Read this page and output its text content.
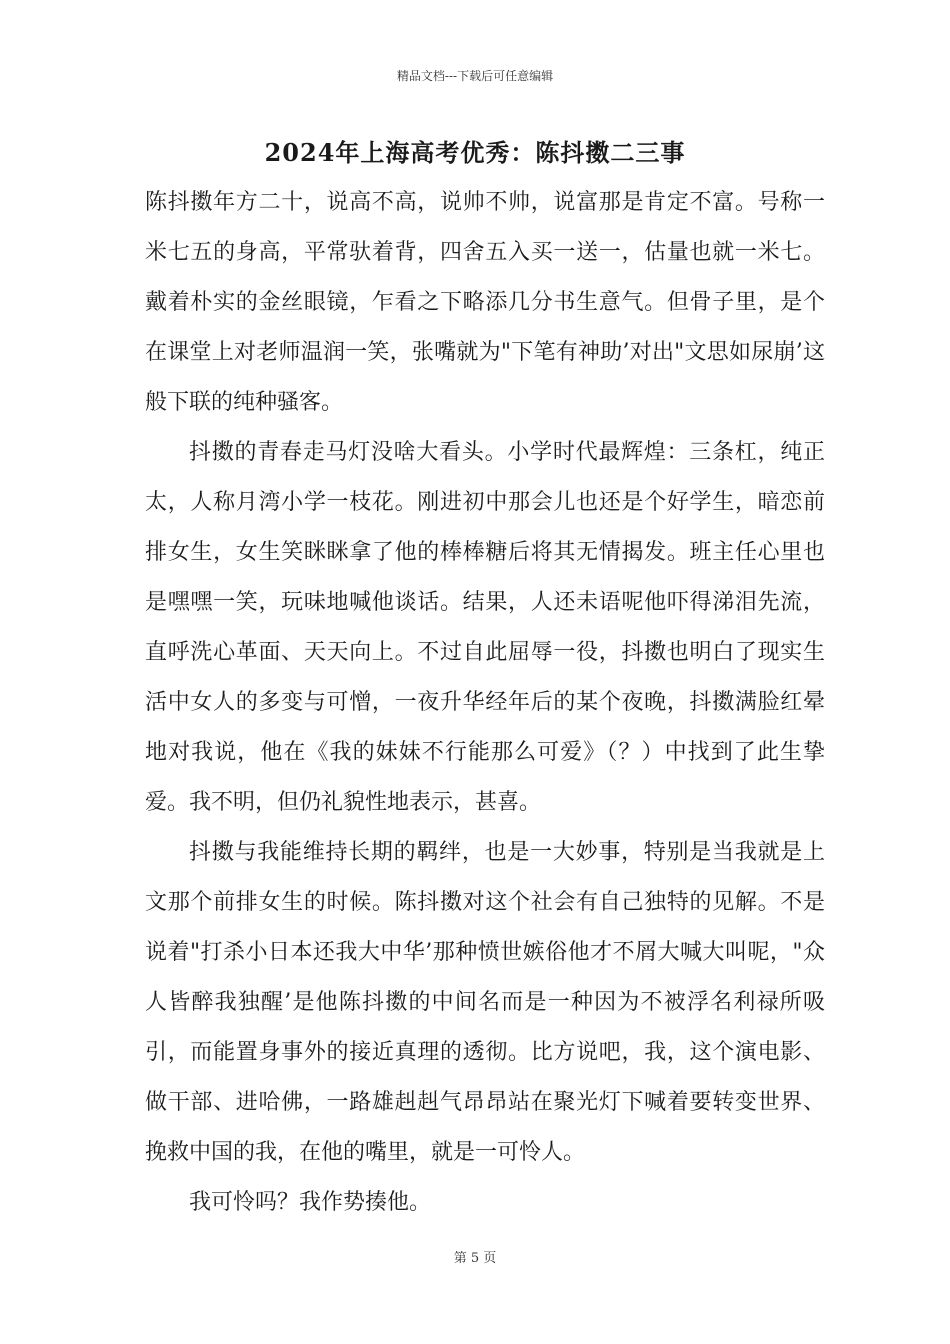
精品文档---下载后可任意编辑
2024年上海高考优秀：陈抖擞二三事

陈抖擞年方二十，说高不高，说帅不帅，说富那是肯定不富。号称一米七五的身高，平常驮着背，四舍五入买一送一，估量也就一米七。戴着朴实的金丝眼镜，乍看之下略添几分书生意气。但骨子里，是个在课堂上对老师温润一笑，张嘴就为"下笔有神助’对出"文思如尿崩’这般下联的纯种骚客。

抖擞的青春走马灯没啥大看头。小学时代最辉煌：三条杠，纯正太，人称月湾小学一枝花。刚进初中那会儿也还是个好学生，暗恋前排女生，女生笑眯眯拿了他的棒棒糖后将其无情揭发。班主任心里也是嘿嘿一笑，玩味地喊他谈话。结果，人还未语呢他吓得涕泪先流，直呼洗心革面、天天向上。不过自此屈辱一役，抖擞也明白了现实生活中女人的多变与可憎，一夜升华经年后的某个夜晚，抖擞满脸红晕地对我说，他在《我的妹妹不行能那么可爱》（？）中找到了此生挚爱。我不明，但仍礼貌性地表示，甚喜。

抖擞与我能维持长期的羁绊，也是一大妙事，特别是当我就是上文那个前排女生的时候。陈抖擞对这个社会有自己独特的见解。不是说着"打杀小日本还我大中华’那种愤世嫉俗他才不屑大喊大叫呢，"众人皆醉我独醒’是他陈抖擞的中间名而是一种因为不被浮名利禄所吸引，而能置身事外的接近真理的透彻。比方说吧，我，这个演电影、做干部、进哈佛，一路雄赳赳气昂昂站在聚光灯下喊着要转变世界、挽救中国的我，在他的嘴里，就是一可怜人。

我可怜吗？我作势揍他。

第 5 页
